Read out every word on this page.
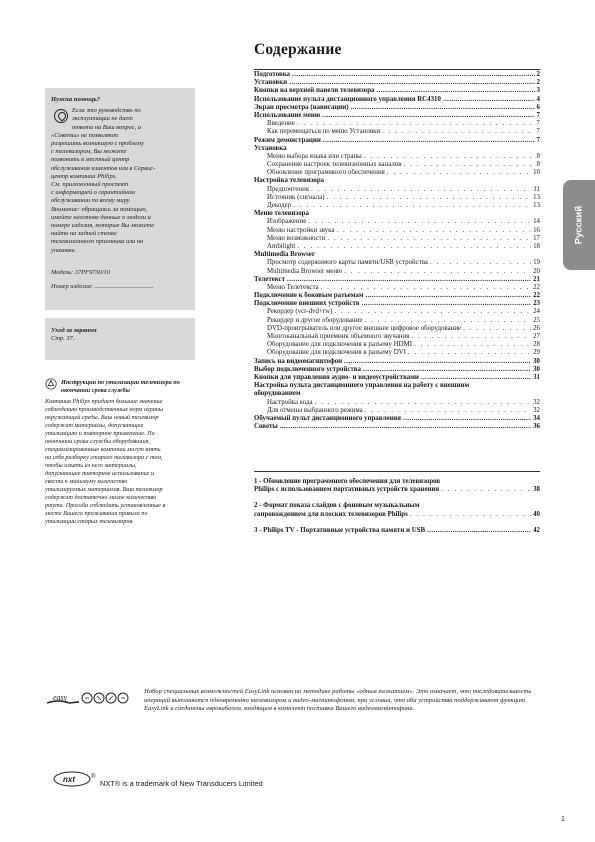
Содержание
Русский
Подготовка .....	2
Установки .....	2
Кнопки на верхней панели телевизора .....	3
Использование пульта дистанционного управления RC4310 .....	4
Экран просмотра (навигации) .....	6
Использование меню .....	7
Введение . . .	7
Как перемещаться по меню Установки . . .	7
Режим демонстрации .....	7
Установка
Меню выбора языка или страны . . .	8
Сохранение настроек телевизионных каналов . . .	8
Обновление программного обеспечения . . .	10
Настройка телевизора
Предпочтения . . .	11
Источник (сигнала) . . .	13
Декодер . . .	13
Меню телевизора
Изображение . . .	14
Меню настройки звука . . .	16
Меню возможности . . .	17
Ambilight . . .	18
Multimedia Browser
Просмотр содержимого карты памяти/USB устройства . . .	19
Multimedia Browser меню . . .	20
Телетекст .....	21
Меню Телетекста . . .	22
Подключение к боковым разъемам .....	22
Подключение внешних устройств .....	23
Рекордер (vcr-dvd+rw) . . .	24
Рекордер и другое оборудование . . .	25
DVD-проигрыватель или другое внешнее цифровое оборудование . . .	26
Многоканальный приемник объемного звучания . . .	27
Оборудование для подключения к разъему HDMI . . .	28
Оборудование для подключения к разъему DVI . . .	29
Запись на видеомагнитофон .....	30
Выбор подключенного устройства .....	30
Кнопки для управления аудио- и видеоустройствами .....	31
Настройка пульта дистанционного управления на работу с внешним
оборудованием
Настройка кода . . .	32
Для отмены выбранного режима . . .	32
Обучаемый пульт дистанционного управления .....	34
Советы .....	36
1 - Обновление программного обеспечения для телевизоров
Philips с использованием портативных устройств хранения . . .	38
2 - Формат показа слайдов с фоновым музыкальным
сопровождением для плоских телевизоров Philips . . .	40
3 - Philips TV - Портативные устройства памяти и USB .....	42
Нужна помощь?
Если это руководство по
эксплуатации не дает
ответа на Ваш вопрос, а
«Советы» не позволяют
разрешить возникшую с проблему
с телевизором, Вы можете
позвонить в местный центр
обслуживания клиентов или в Сервис-
центр компании Philips.
См. приложенный проспект
с информацией о гарантийном
обслуживании по всему миру.
Внимание: обращаясь за помощью,
имейте наготове данные о модели и
номере изделия, которые Вы можете
найти на задней стенке
телевизионного приемника или на
упаковке.
Модель: 37PF9730/10
Номер изделия: .....................................
Уход за экраном
Стр. 37.
Инструкции по утилизации телевизора по окончании срока службы
Компания Philips придает большое значение
соблюдению производственных норм охраны
окружающей среды. Ваш новый телевизор
содержит материалы, допускающие
утилизацию и повторное применение. По
окончании срока службы оборудования,
специализированные компании могут взять
на себя разборку старого телевизора с тем,
чтобы изъять из него материалы,
допускающие повторное использование и
свести к минимуму количество
утилизируемых материалов. Ваш телевизор
содержит достаточно малое количество
ртути. Просьба соблюдать установленные в
месте Вашего проживания правила по
утилизации старых телевизоров.
easy
Набор специальных возможностей EasyLink основан на методике работы «одним нажатием». Это означает, что последовательность операций выполняется одновременно телевизором и видео-магнитофоном, при условии, что оба устройства поддерживают функцию EasyLink и соединены еврокабелем, входящим в комплект поставки Вашего видеомагнитофона.
nxt	®
NXT® is a trademark of New Transducers Limited
1
